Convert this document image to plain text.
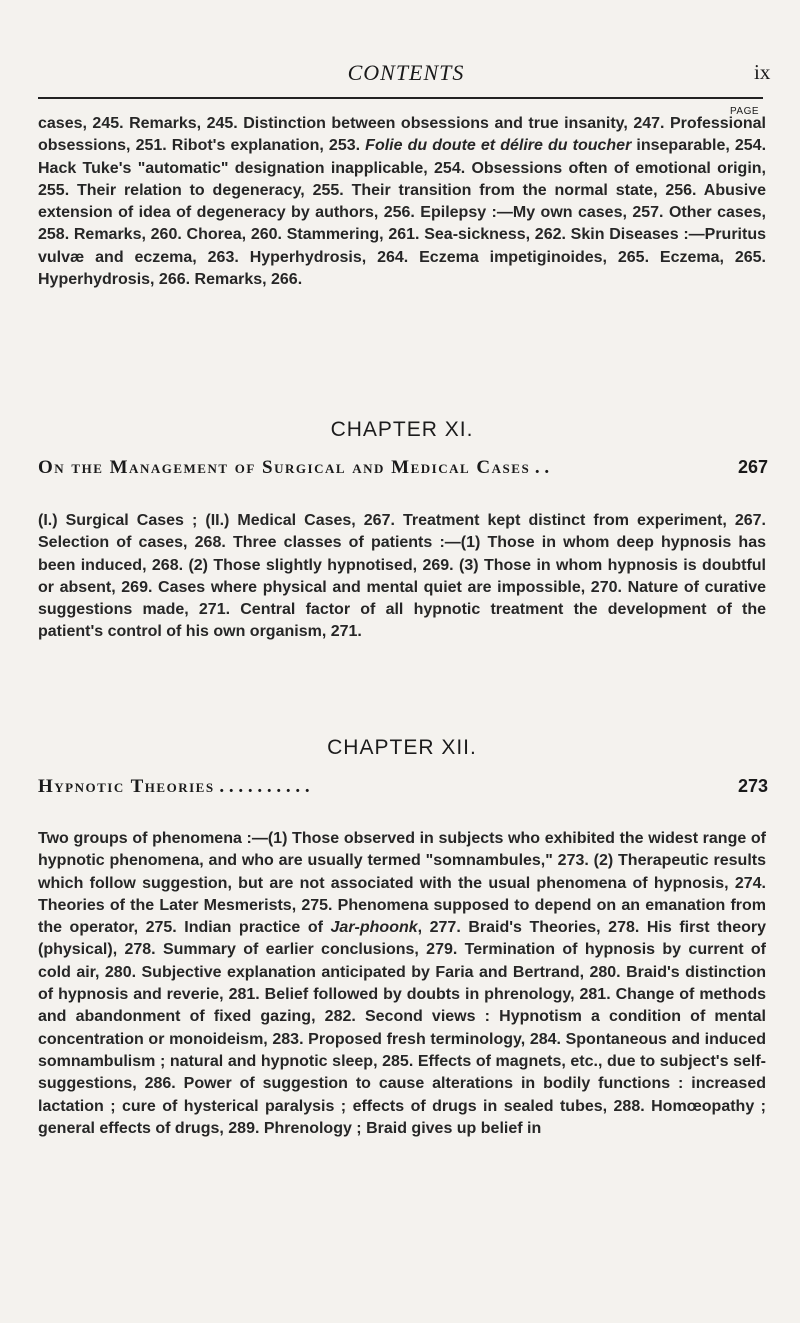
CONTENTS	ix
PAGE

cases, 245. Remarks, 245. Distinction between obsessions and true insanity, 247. Professional obsessions, 251. Ribot's explanation, 253. Folie du doute et délire du toucher inseparable, 254. Hack Tuke's "automatic" designation inapplicable, 254. Obsessions often of emotional origin, 255. Their relation to degeneracy, 255. Their transition from the normal state, 256. Abusive extension of idea of degeneracy by authors, 256. Epilepsy :—My own cases, 257. Other cases, 258. Remarks, 260. Chorea, 260. Stammering, 261. Sea-sickness, 262. Skin Diseases :—Pruritus vulvæ and eczema, 263. Hyperhydrosis, 264. Eczema impetiginoides, 265. Eczema, 265. Hyperhydrosis, 266. Remarks, 266.

CHAPTER XI.
On the Management of Surgical and Medical Cases . .	267

(I.) Surgical Cases ; (II.) Medical Cases, 267. Treatment kept distinct from experiment, 267. Selection of cases, 268. Three classes of patients :—(1) Those in whom deep hypnosis has been induced, 268. (2) Those slightly hypnotised, 269. (3) Those in whom hypnosis is doubtful or absent, 269. Cases where physical and mental quiet are impossible, 270. Nature of curative suggestions made, 271. Central factor of all hypnotic treatment the development of the patient's control of his own organism, 271.

CHAPTER XII.
Hypnotic Theories . . . . . . . . . .	273

Two groups of phenomena :—(1) Those observed in subjects who exhibited the widest range of hypnotic phenomena, and who are usually termed "somnambules," 273. (2) Therapeutic results which follow suggestion, but are not associated with the usual phenomena of hypnosis, 274. Theories of the Later Mesmerists, 275. Phenomena supposed to depend on an emanation from the operator, 275. Indian practice of Jar-phoonk, 277. Braid's Theories, 278. His first theory (physical), 278. Summary of earlier conclusions, 279. Termination of hypnosis by current of cold air, 280. Subjective explanation anticipated by Faria and Bertrand, 280. Braid's distinction of hypnosis and reverie, 281. Belief followed by doubts in phrenology, 281. Change of methods and abandonment of fixed gazing, 282. Second views : Hypnotism a condition of mental concentration or monoideism, 283. Proposed fresh terminology, 284. Spontaneous and induced somnambulism ; natural and hypnotic sleep, 285. Effects of magnets, etc., due to subject's self-suggestions, 286. Power of suggestion to cause alterations in bodily functions : increased lactation ; cure of hysterical paralysis ; effects of drugs in sealed tubes, 288. Homœopathy ; general effects of drugs, 289. Phrenology ; Braid gives up belief in
